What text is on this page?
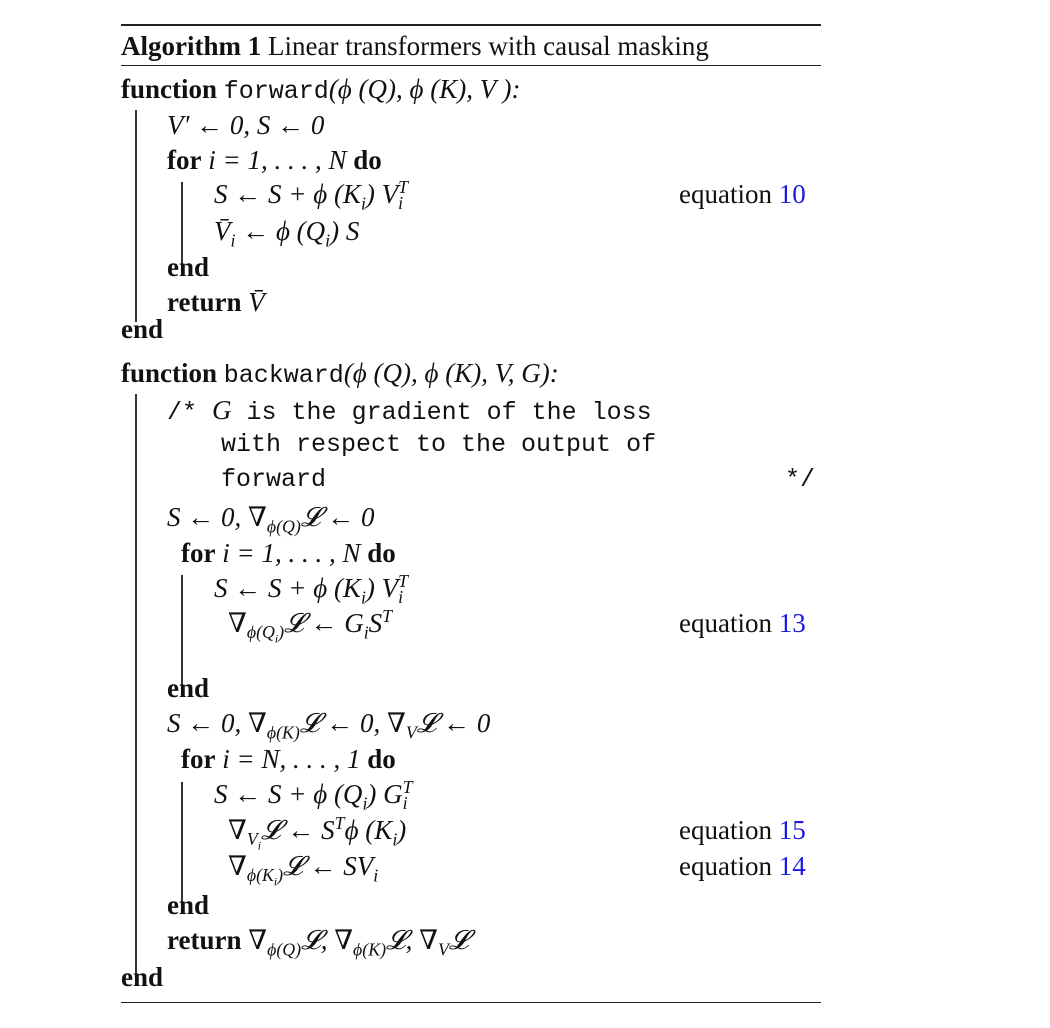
Algorithm 1 Linear transformers with causal masking
function forward(ϕ (Q), ϕ (K), V ):
V′ ← 0, S ← 0
for i = 1, . . . , N do
S ← S + ϕ $(K_i)$ $V^T_i$	equation 10
$V̄_i$ ← ϕ $(Q_i)$ S
end
return V̄
end
function backward(ϕ (Q), ϕ (K), V, G):
/* G is the gradient of the loss
with respect to the output of
forward	*/
S ← 0, $\nabla_{\phi(Q)}𝓛$ ← 0
for i = 1, . . . , N do
S ← S + ϕ $(K_i)$ $V^T_i$
$\nabla_{\phi(Q_i)}𝓛$ ← $G_iS^T$	equation 13
end
S ← 0, $\nabla_{\phi(K)}𝓛$ ← 0, $\nabla_V𝓛$ ← 0
for i = N, . . . , 1 do
S ← S + ϕ $(Q_i)$ $G^T_i$
$\nabla_{V_i}𝓛$ ← $S^T\phi$ $(K_i)$	equation 15
$\nabla_{\phi(K_i)}𝓛$ ← $SV_i$	equation 14
end
return $\nabla_{\phi(Q)}𝓛$, $\nabla_{\phi(K)}𝓛$, $\nabla_V𝓛$
end
